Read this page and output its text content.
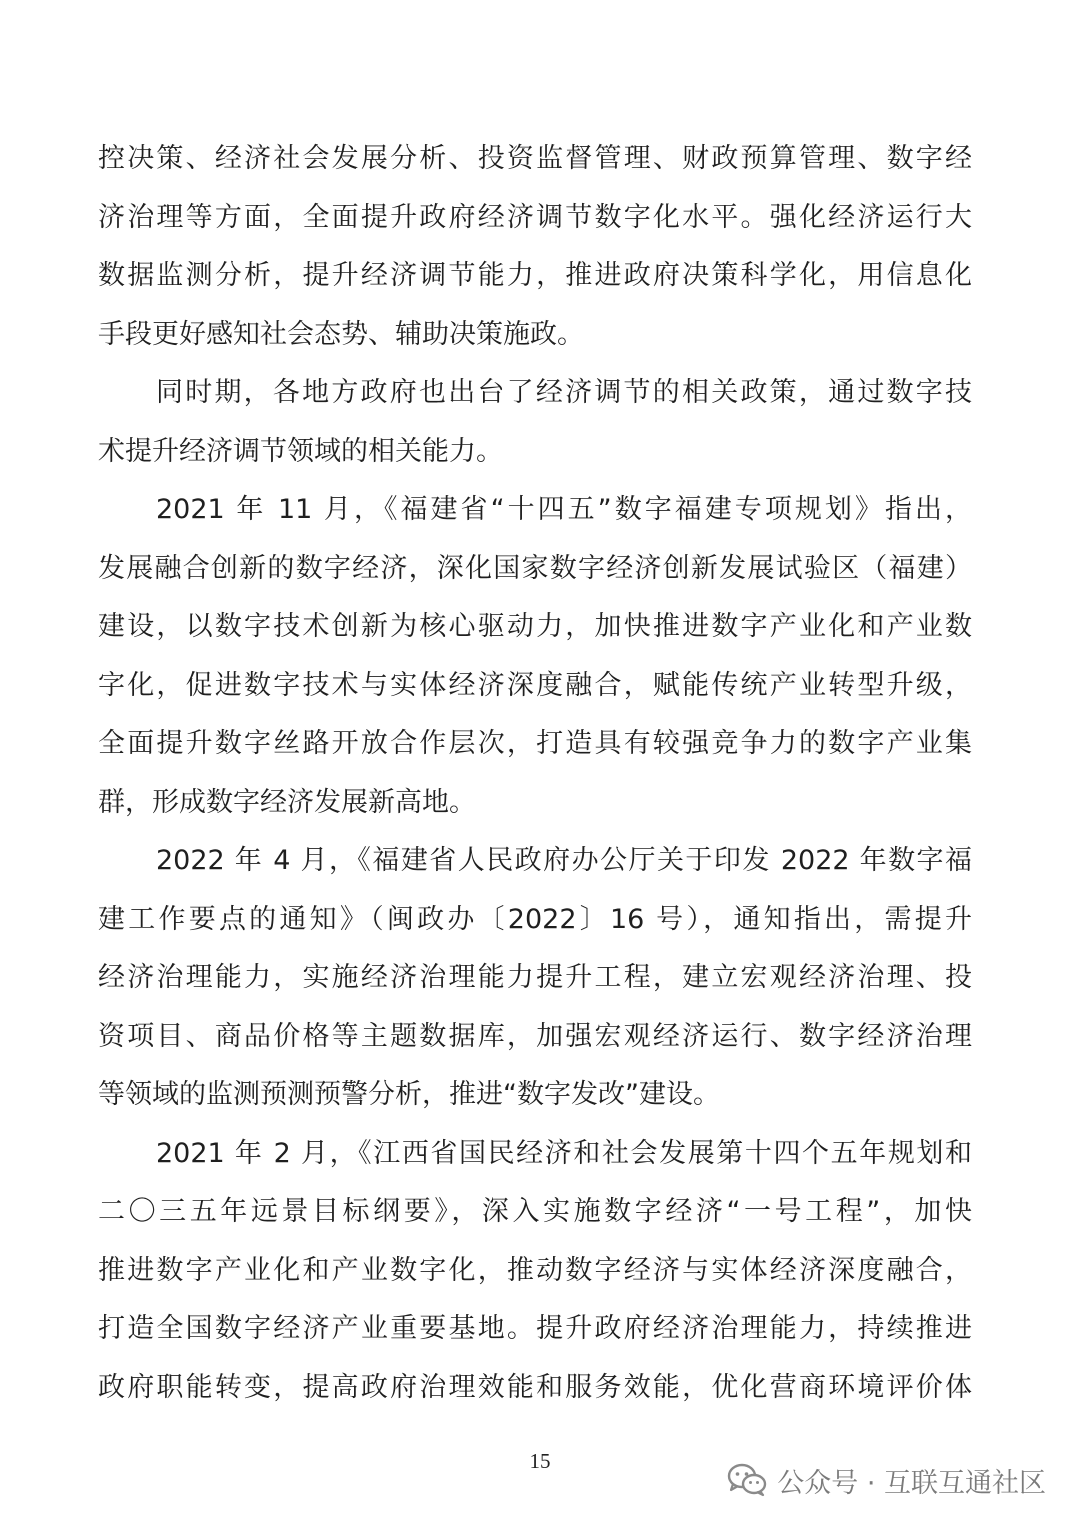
控决策、经济社会发展分析、投资监督管理、财政预算管理、数字经
济治理等方面，全面提升政府经济调节数字化水平。强化经济运行大
数据监测分析，提升经济调节能力，推进政府决策科学化，用信息化
手段更好感知社会态势、辅助决策施政。
同时期，各地方政府也出台了经济调节的相关政策，通过数字技
术提升经济调节领域的相关能力。
2021 年 11 月，《福建省“十四五”数字福建专项规划》指出，
发展融合创新的数字经济，深化国家数字经济创新发展试验区（福建）
建设，以数字技术创新为核心驱动力，加快推进数字产业化和产业数
字化，促进数字技术与实体经济深度融合，赋能传统产业转型升级，
全面提升数字丝路开放合作层次，打造具有较强竞争力的数字产业集
群，形成数字经济发展新高地。
2022 年 4 月，《福建省人民政府办公厅关于印发 2022 年数字福
建工作要点的通知》（闽政办〔2022〕16 号），通知指出，需提升
经济治理能力，实施经济治理能力提升工程，建立宏观经济治理、投
资项目、商品价格等主题数据库，加强宏观经济运行、数字经济治理
等领域的监测预测预警分析，推进“数字发改”建设。
2021 年 2 月，《江西省国民经济和社会发展第十四个五年规划和
二〇三五年远景目标纲要》，深入实施数字经济“一号工程”，加快
推进数字产业化和产业数字化，推动数字经济与实体经济深度融合，
打造全国数字经济产业重要基地。提升政府经济治理能力，持续推进
政府职能转变，提高政府治理效能和服务效能，优化营商环境评价体
15
公众号 · 互联互通社区
